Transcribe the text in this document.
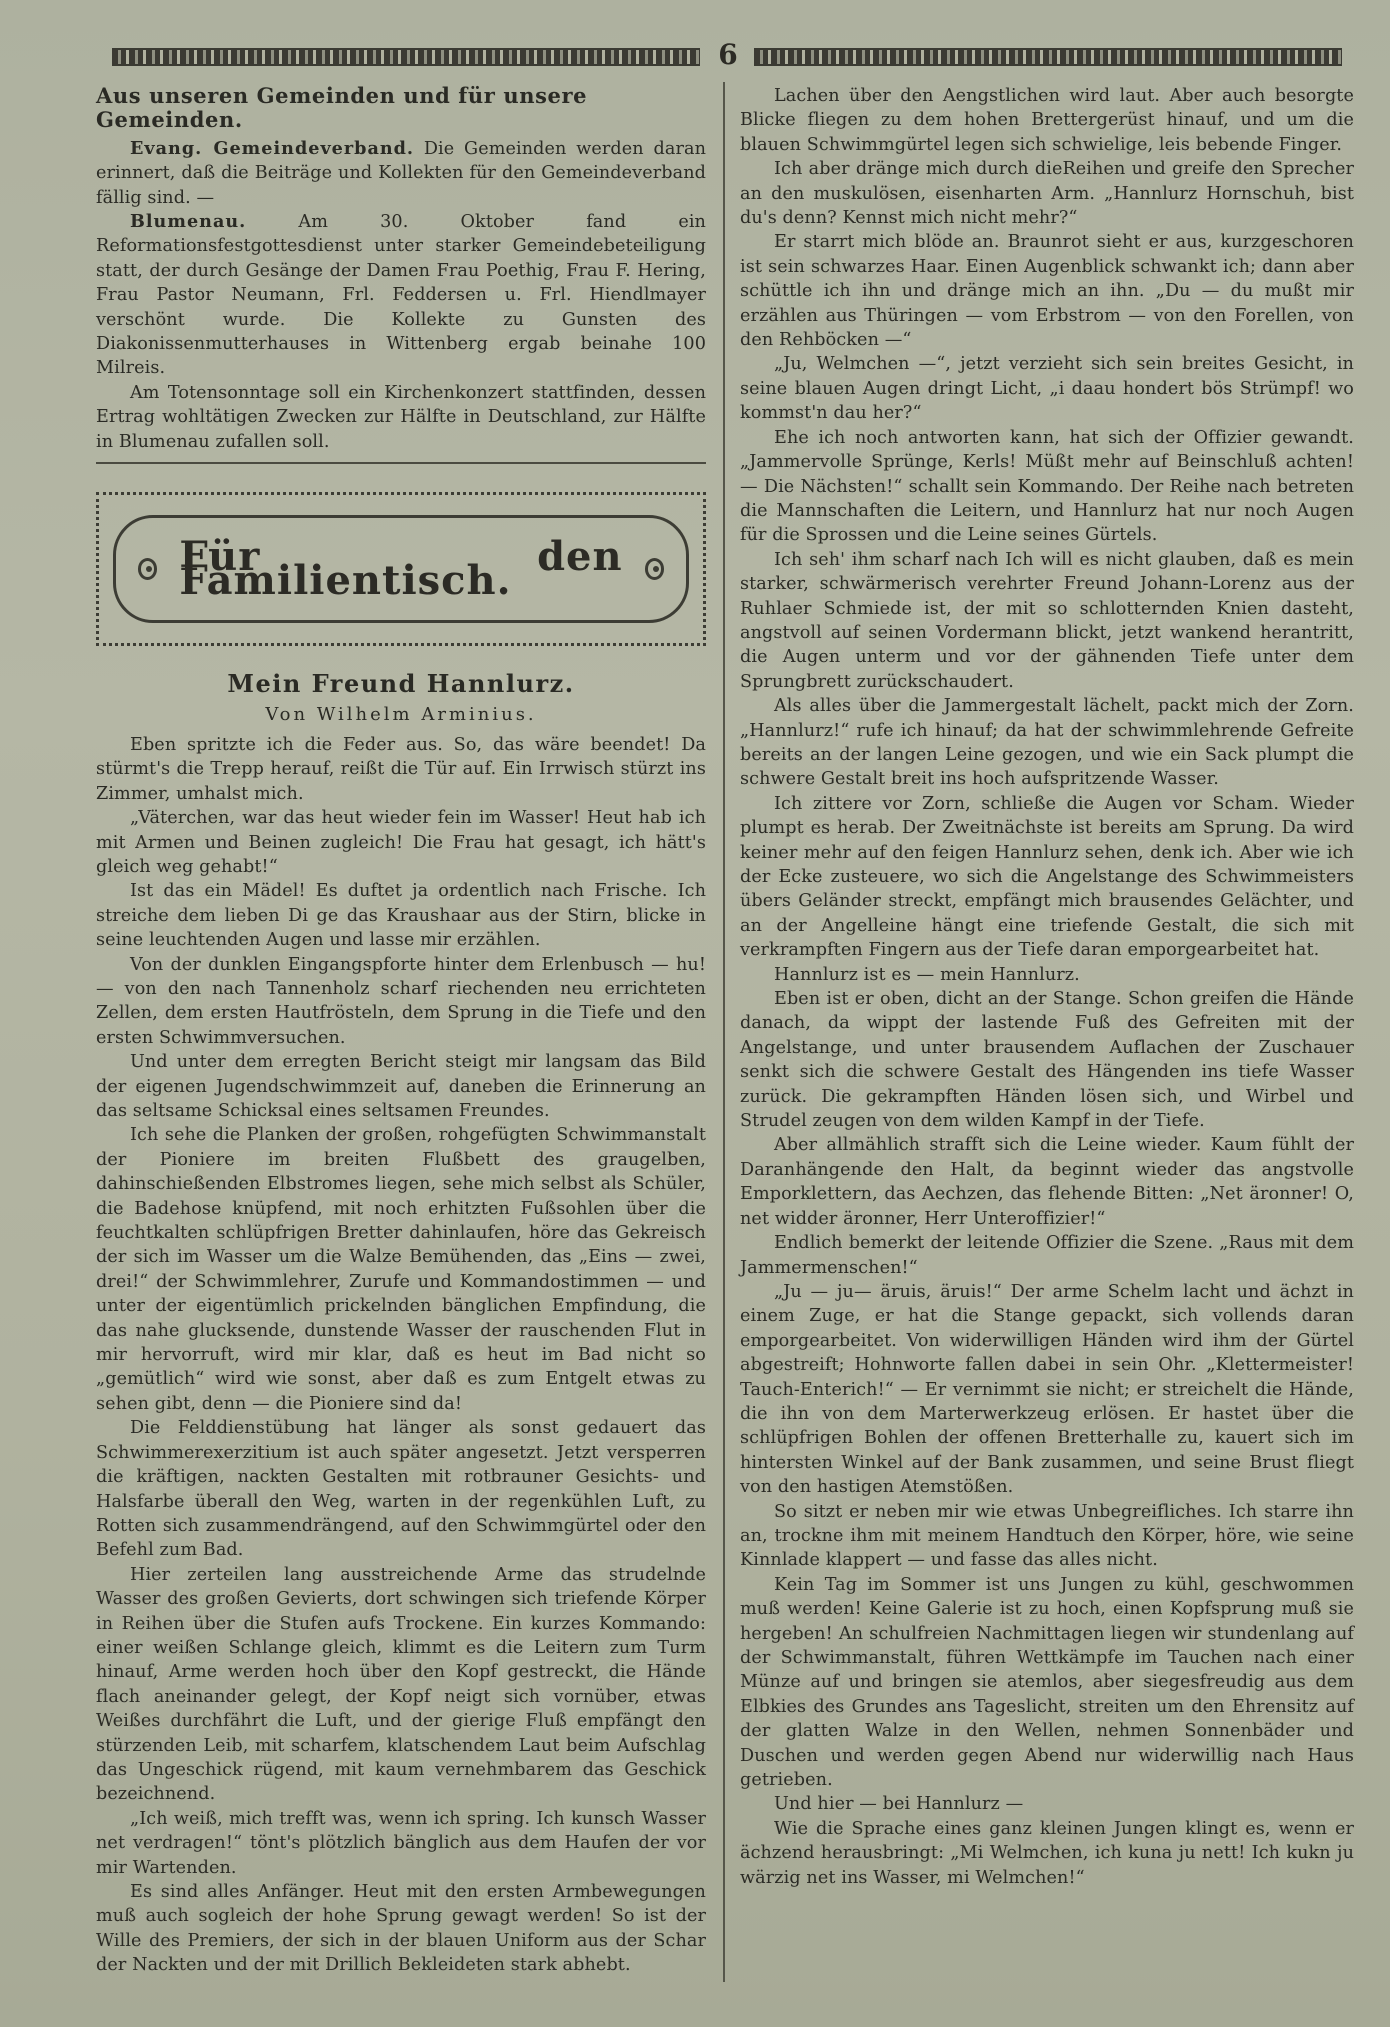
6
Aus unseren Gemeinden und für unsere Gemeinden.

Evang. Gemeindeverband. Die Gemeinden werden daran erinnert, daß die Beiträge und Kollekten für den Gemeindeverband fällig sind. —

Blumenau.	Am 30. Oktober fand ein Reformationsfestgottesdienst unter starker Gemeindebeteiligung statt, der durch Gesänge der Damen Frau Poethig, Frau F. Hering, Frau Pastor Neumann, Frl. Feddersen u. Frl. Hiendlmayer verschönt wurde. Die Kollekte zu Gunsten des Diakonissenmutterhauses in Wittenberg ergab beinahe 100 Milreis.

Am Totensonntage soll ein Kirchenkonzert stattfinden, dessen Ertrag wohltätigen Zwecken zur Hälfte in Deutschland, zur Hälfte in Blumenau zufallen soll.

Für den Familientisch.
Mein Freund Hannlurz.
Von Wilhelm Arminius.

Eben spritzte ich die Feder aus. So, das wäre beendet! Da stürmt's die Trepp herauf, reißt die Tür auf. Ein Irrwisch stürzt ins Zimmer, umhalst mich.

„Väterchen, war das heut wieder fein im Wasser! Heut hab ich mit Armen und Beinen zugleich! Die Frau hat gesagt, ich hätt's gleich weg gehabt!“

Ist das ein Mädel! Es duftet ja ordentlich nach Frische. Ich streiche dem lieben Di ge das Kraushaar aus der Stirn, blicke in seine leuchtenden Augen und lasse mir erzählen.

Von der dunklen Eingangspforte hinter dem Erlenbusch — hu! — von den nach Tannenholz scharf riechenden neu errichteten Zellen, dem ersten Hautfrösteln, dem Sprung in die Tiefe und den ersten Schwimmversuchen.

Und unter dem erregten Bericht steigt mir langsam das Bild der eigenen Jugendschwimmzeit auf, daneben die Erinnerung an das seltsame Schicksal eines seltsamen Freundes.

Ich sehe die Planken der großen, rohgefügten Schwimmanstalt der Pioniere im breiten Flußbett des graugelben, dahinschießenden Elbstromes liegen, sehe mich selbst als Schüler, die Badehose knüpfend, mit noch erhitzten Fußsohlen über die feuchtkalten schlüpfrigen Bretter dahinlaufen, höre das Gekreisch der sich im Wasser um die Walze Bemühenden, das „Eins — zwei, drei!“ der Schwimmlehrer, Zurufe und Kommandostimmen — und unter der eigentümlich prickelnden bänglichen Empfindung, die das nahe glucksende, dunstende Wasser der rauschenden Flut in mir hervorruft, wird mir klar, daß es heut im Bad nicht so „gemütlich“ wird wie sonst, aber daß es zum Entgelt etwas zu sehen gibt, denn — die Pioniere sind da!

Die Felddienstübung hat länger als sonst gedauert das Schwimmerexerzitium ist auch später angesetzt. Jetzt versperren die kräftigen, nackten Gestalten mit rotbrauner Gesichts- und Halsfarbe überall den Weg, warten in der regenkühlen Luft, zu Rotten sich zusammendrängend, auf den Schwimmgürtel oder den Befehl zum Bad.

Hier zerteilen lang ausstreichende Arme das strudelnde Wasser des großen Gevierts, dort schwingen sich triefende Körper in Reihen über die Stufen aufs Trockene. Ein kurzes Kommando: einer weißen Schlange gleich, klimmt es die Leitern zum Turm hinauf, Arme werden hoch über den Kopf gestreckt, die Hände flach aneinander gelegt, der Kopf neigt sich vornüber, etwas Weißes durchfährt die Luft, und der gierige Fluß empfängt den stürzenden Leib, mit scharfem, klatschendem Laut beim Aufschlag das Ungeschick rügend, mit kaum vernehmbarem das Geschick bezeichnend.

„Ich weiß, mich trefft was, wenn ich spring. Ich kunsch Wasser net verdragen!“ tönt's plötzlich bänglich aus dem Haufen der vor mir Wartenden.

Es sind alles Anfänger. Heut mit den ersten Armbewegungen muß auch sogleich der hohe Sprung gewagt werden! So ist der Wille des Premiers, der sich in der blauen Uniform aus der Schar der Nackten und der mit Drillich Bekleideten stark abhebt.

Lachen über den Aengstlichen wird laut. Aber auch besorgte Blicke fliegen zu dem hohen Brettergerüst hinauf, und um die blauen Schwimmgürtel legen sich schwielige, leis bebende Finger.

Ich aber dränge mich durch dieReihen und greife den Sprecher an den muskulösen, eisenharten Arm. „Hannlurz Hornschuh, bist du's denn? Kennst mich nicht mehr?“

Er starrt mich blöde an. Braunrot sieht er aus, kurzgeschoren ist sein schwarzes Haar. Einen Augenblick schwankt ich; dann aber schüttle ich ihn und dränge mich an ihn. „Du — du mußt mir erzählen aus Thüringen — vom Erbstrom — von den Forellen, von den Rehböcken —“

„Ju, Welmchen —“, jetzt verzieht sich sein breites Gesicht, in seine blauen Augen dringt Licht, „i daau hondert bös Strümpf! wo kommst'n dau her?“

Ehe ich noch antworten kann, hat sich der Offizier gewandt. „Jammervolle Sprünge, Kerls! Müßt mehr auf Beinschluß achten! — Die Nächsten!“ schallt sein Kommando. Der Reihe nach betreten die Mannschaften die Leitern, und Hannlurz hat nur noch Augen für die Sprossen und die Leine seines Gürtels.

Ich seh' ihm scharf nach Ich will es nicht glauben, daß es mein starker, schwärmerisch verehrter Freund Johann-Lorenz aus der Ruhlaer Schmiede ist, der mit so schlotternden Knien dasteht, angstvoll auf seinen Vordermann blickt, jetzt wankend herantritt, die Augen unterm und vor der gähnenden Tiefe unter dem Sprungbrett zurückschaudert.

Als alles über die Jammergestalt lächelt, packt mich der Zorn. „Hannlurz!“ rufe ich hinauf; da hat der schwimmlehrende Gefreite bereits an der langen Leine gezogen, und wie ein Sack plumpt die schwere Gestalt breit ins hoch aufspritzende Wasser.

Ich zittere vor Zorn, schließe die Augen vor Scham. Wieder plumpt es herab. Der Zweitnächste ist bereits am Sprung. Da wird keiner mehr auf den feigen Hannlurz sehen, denk ich. Aber wie ich der Ecke zusteuere, wo sich die Angelstange des Schwimmeisters übers Geländer streckt, empfängt mich brausendes Gelächter, und an der Angelleine hängt eine triefende Gestalt, die sich mit verkrampften Fingern aus der Tiefe daran emporgearbeitet hat.

Hannlurz ist es — mein Hannlurz.

Eben ist er oben, dicht an der Stange. Schon greifen die Hände danach, da wippt der lastende Fuß des Gefreiten mit der Angelstange, und unter brausendem Auflachen der Zuschauer senkt sich die schwere Gestalt des Hängenden ins tiefe Wasser zurück. Die gekrampften Händen lösen sich, und Wirbel und Strudel zeugen von dem wilden Kampf in der Tiefe.

Aber allmählich strafft sich die Leine wieder. Kaum fühlt der Daranhängende den Halt, da beginnt wieder das angstvolle Emporklettern, das Aechzen, das flehende Bitten: „Net äronner! O, net widder äronner, Herr Unteroffizier!“

Endlich bemerkt der leitende Offizier die Szene. „Raus mit dem Jammermenschen!“

„Ju — ju— äruis, äruis!“ Der arme Schelm lacht und ächzt in einem Zuge, er hat die Stange gepackt, sich vollends daran emporgearbeitet. Von widerwilligen Händen wird ihm der Gürtel abgestreift; Hohnworte fallen dabei in sein Ohr. „Klettermeister! Tauch-Enterich!“ — Er vernimmt sie nicht; er streichelt die Hände, die ihn von dem Marterwerkzeug erlösen. Er hastet über die schlüpfrigen Bohlen der offenen Bretterhalle zu, kauert sich im hintersten Winkel auf der Bank zusammen, und seine Brust fliegt von den hastigen Atemstößen.

So sitzt er neben mir wie etwas Unbegreifliches. Ich starre ihn an, trockne ihm mit meinem Handtuch den Körper, höre, wie seine Kinnlade klappert — und fasse das alles nicht.

Kein Tag im Sommer ist uns Jungen zu kühl, geschwommen muß werden! Keine Galerie ist zu hoch, einen Kopfsprung muß sie hergeben! An schulfreien Nachmittagen liegen wir stundenlang auf der Schwimmanstalt, führen Wettkämpfe im Tauchen nach einer Münze auf und bringen sie atemlos, aber siegesfreudig aus dem Elbkies des Grundes ans Tageslicht, streiten um den Ehrensitz auf der glatten Walze in den Wellen, nehmen Sonnenbäder und Duschen und werden gegen Abend nur widerwillig nach Haus getrieben.

Und hier — bei Hannlurz —

Wie die Sprache eines ganz kleinen Jungen klingt es, wenn er ächzend herausbringt: „Mi Welmchen, ich kuna ju nett! Ich kukn ju wärzig net ins Wasser, mi Welmchen!“
